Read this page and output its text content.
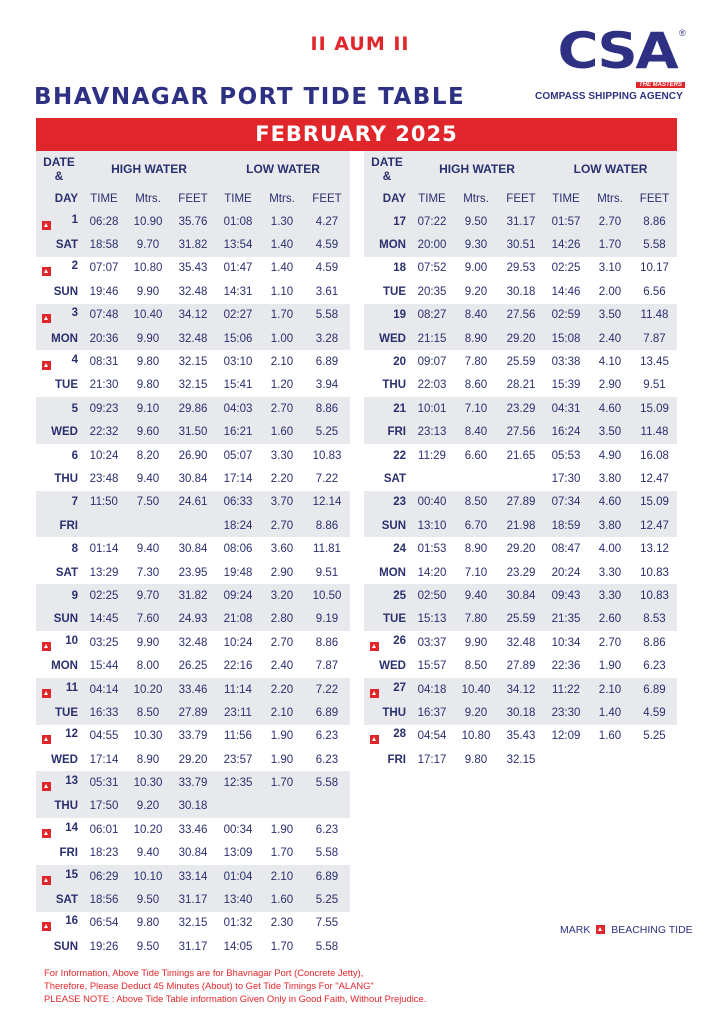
II AUM II
BHAVNAGAR PORT TIDE TABLE
CSA ®
THE MASTERS
COMPASS SHIPPING AGENCY
FEBRUARY 2025
DATE
&	HIGH WATER			LOW WATER		
DAY	TIME	Mtrs.	FEET	TIME	Mtrs.	FEET

1	06:28	10.90	35.76	01:08	1.30	4.27
SAT	18:58	9.70	31.82	13:54	1.40	4.59

2	07:07	10.80	35.43	01:47	1.40	4.59
SUN	19:46	9.90	32.48	14:31	1.10	3.61

3	07:48	10.40	34.12	02:27	1.70	5.58
MON	20:36	9.90	32.48	15:06	1.00	3.28

4	08:31	9.80	32.15	03:10	2.10	6.89
TUE	21:30	9.80	32.15	15:41	1.20	3.94
5	09:23	9.10	29.86	04:03	2.70	8.86
WED	22:32	9.60	31.50	16:21	1.60	5.25
6	10:24	8.20	26.90	05:07	3.30	10.83
THU	23:48	9.40	30.84	17:14	2.20	7.22
7	11:50	7.50	24.61	06:33	3.70	12.14
FRI				18:24	2.70	8.86
8	01:14	9.40	30.84	08:06	3.60	11.81
SAT	13:29	7.30	23.95	19:48	2.90	9.51
9	02:25	9.70	31.82	09:24	3.20	10.50
SUN	14:45	7.60	24.93	21:08	2.80	9.19

10	03:25	9.90	32.48	10:24	2.70	8.86
MON	15:44	8.00	26.25	22:16	2.40	7.87

11	04:14	10.20	33.46	11:14	2.20	7.22
TUE	16:33	8.50	27.89	23:11	2.10	6.89

12	04:55	10.30	33.79	11:56	1.90	6.23
WED	17:14	8.90	29.20	23:57	1.90	6.23

13	05:31	10.30	33.79	12:35	1.70	5.58
THU	17:50	9.20	30.18			

14	06:01	10.20	33.46	00:34	1.90	6.23
FRI	18:23	9.40	30.84	13:09	1.70	5.58

15	06:29	10.10	33.14	01:04	2.10	6.89
SAT	18:56	9.50	31.17	13:40	1.60	5.25

16	06:54	9.80	32.15	01:32	2.30	7.55
SUN	19:26	9.50	31.17	14:05	1.70	5.58
DATE
&	HIGH WATER			LOW WATER		
DAY	TIME	Mtrs.	FEET	TIME	Mtrs.	FEET
17	07:22	9.50	31.17	01:57	2.70	8.86
MON	20:00	9.30	30.51	14:26	1.70	5.58
18	07:52	9.00	29.53	02:25	3.10	10.17
TUE	20:35	9.20	30.18	14:46	2.00	6.56
19	08:27	8.40	27.56	02:59	3.50	11.48
WED	21:15	8.90	29.20	15:08	2.40	7.87
20	09:07	7.80	25.59	03:38	4.10	13.45
THU	22:03	8.60	28.21	15:39	2.90	9.51
21	10:01	7.10	23.29	04:31	4.60	15.09
FRI	23:13	8.40	27.56	16:24	3.50	11.48
22	11:29	6.60	21.65	05:53	4.90	16.08
SAT				17:30	3.80	12.47
23	00:40	8.50	27.89	07:34	4.60	15.09
SUN	13:10	6.70	21.98	18:59	3.80	12.47
24	01:53	8.90	29.20	08:47	4.00	13.12
MON	14:20	7.10	23.29	20:24	3.30	10.83
25	02:50	9.40	30.84	09:43	3.30	10.83
TUE	15:13	7.80	25.59	21:35	2.60	8.53

26	03:37	9.90	32.48	10:34	2.70	8.86
WED	15:57	8.50	27.89	22:36	1.90	6.23

27	04:18	10.40	34.12	11:22	2.10	6.89
THU	16:37	9.20	30.18	23:30	1.40	4.59

28	04:54	10.80	35.43	12:09	1.60	5.25
FRI	17:17	9.80	32.15			
MARK BEACHING TIDE
For Information, Above Tide Timings are for Bhavnagar Port (Concrete Jetty),
Therefore, Please Deduct 45 Minutes (About) to Get Tide Timings For "ALANG"
PLEASE NOTE : Above Tide Table information Given Only in Good Faith, Without Prejudice.
